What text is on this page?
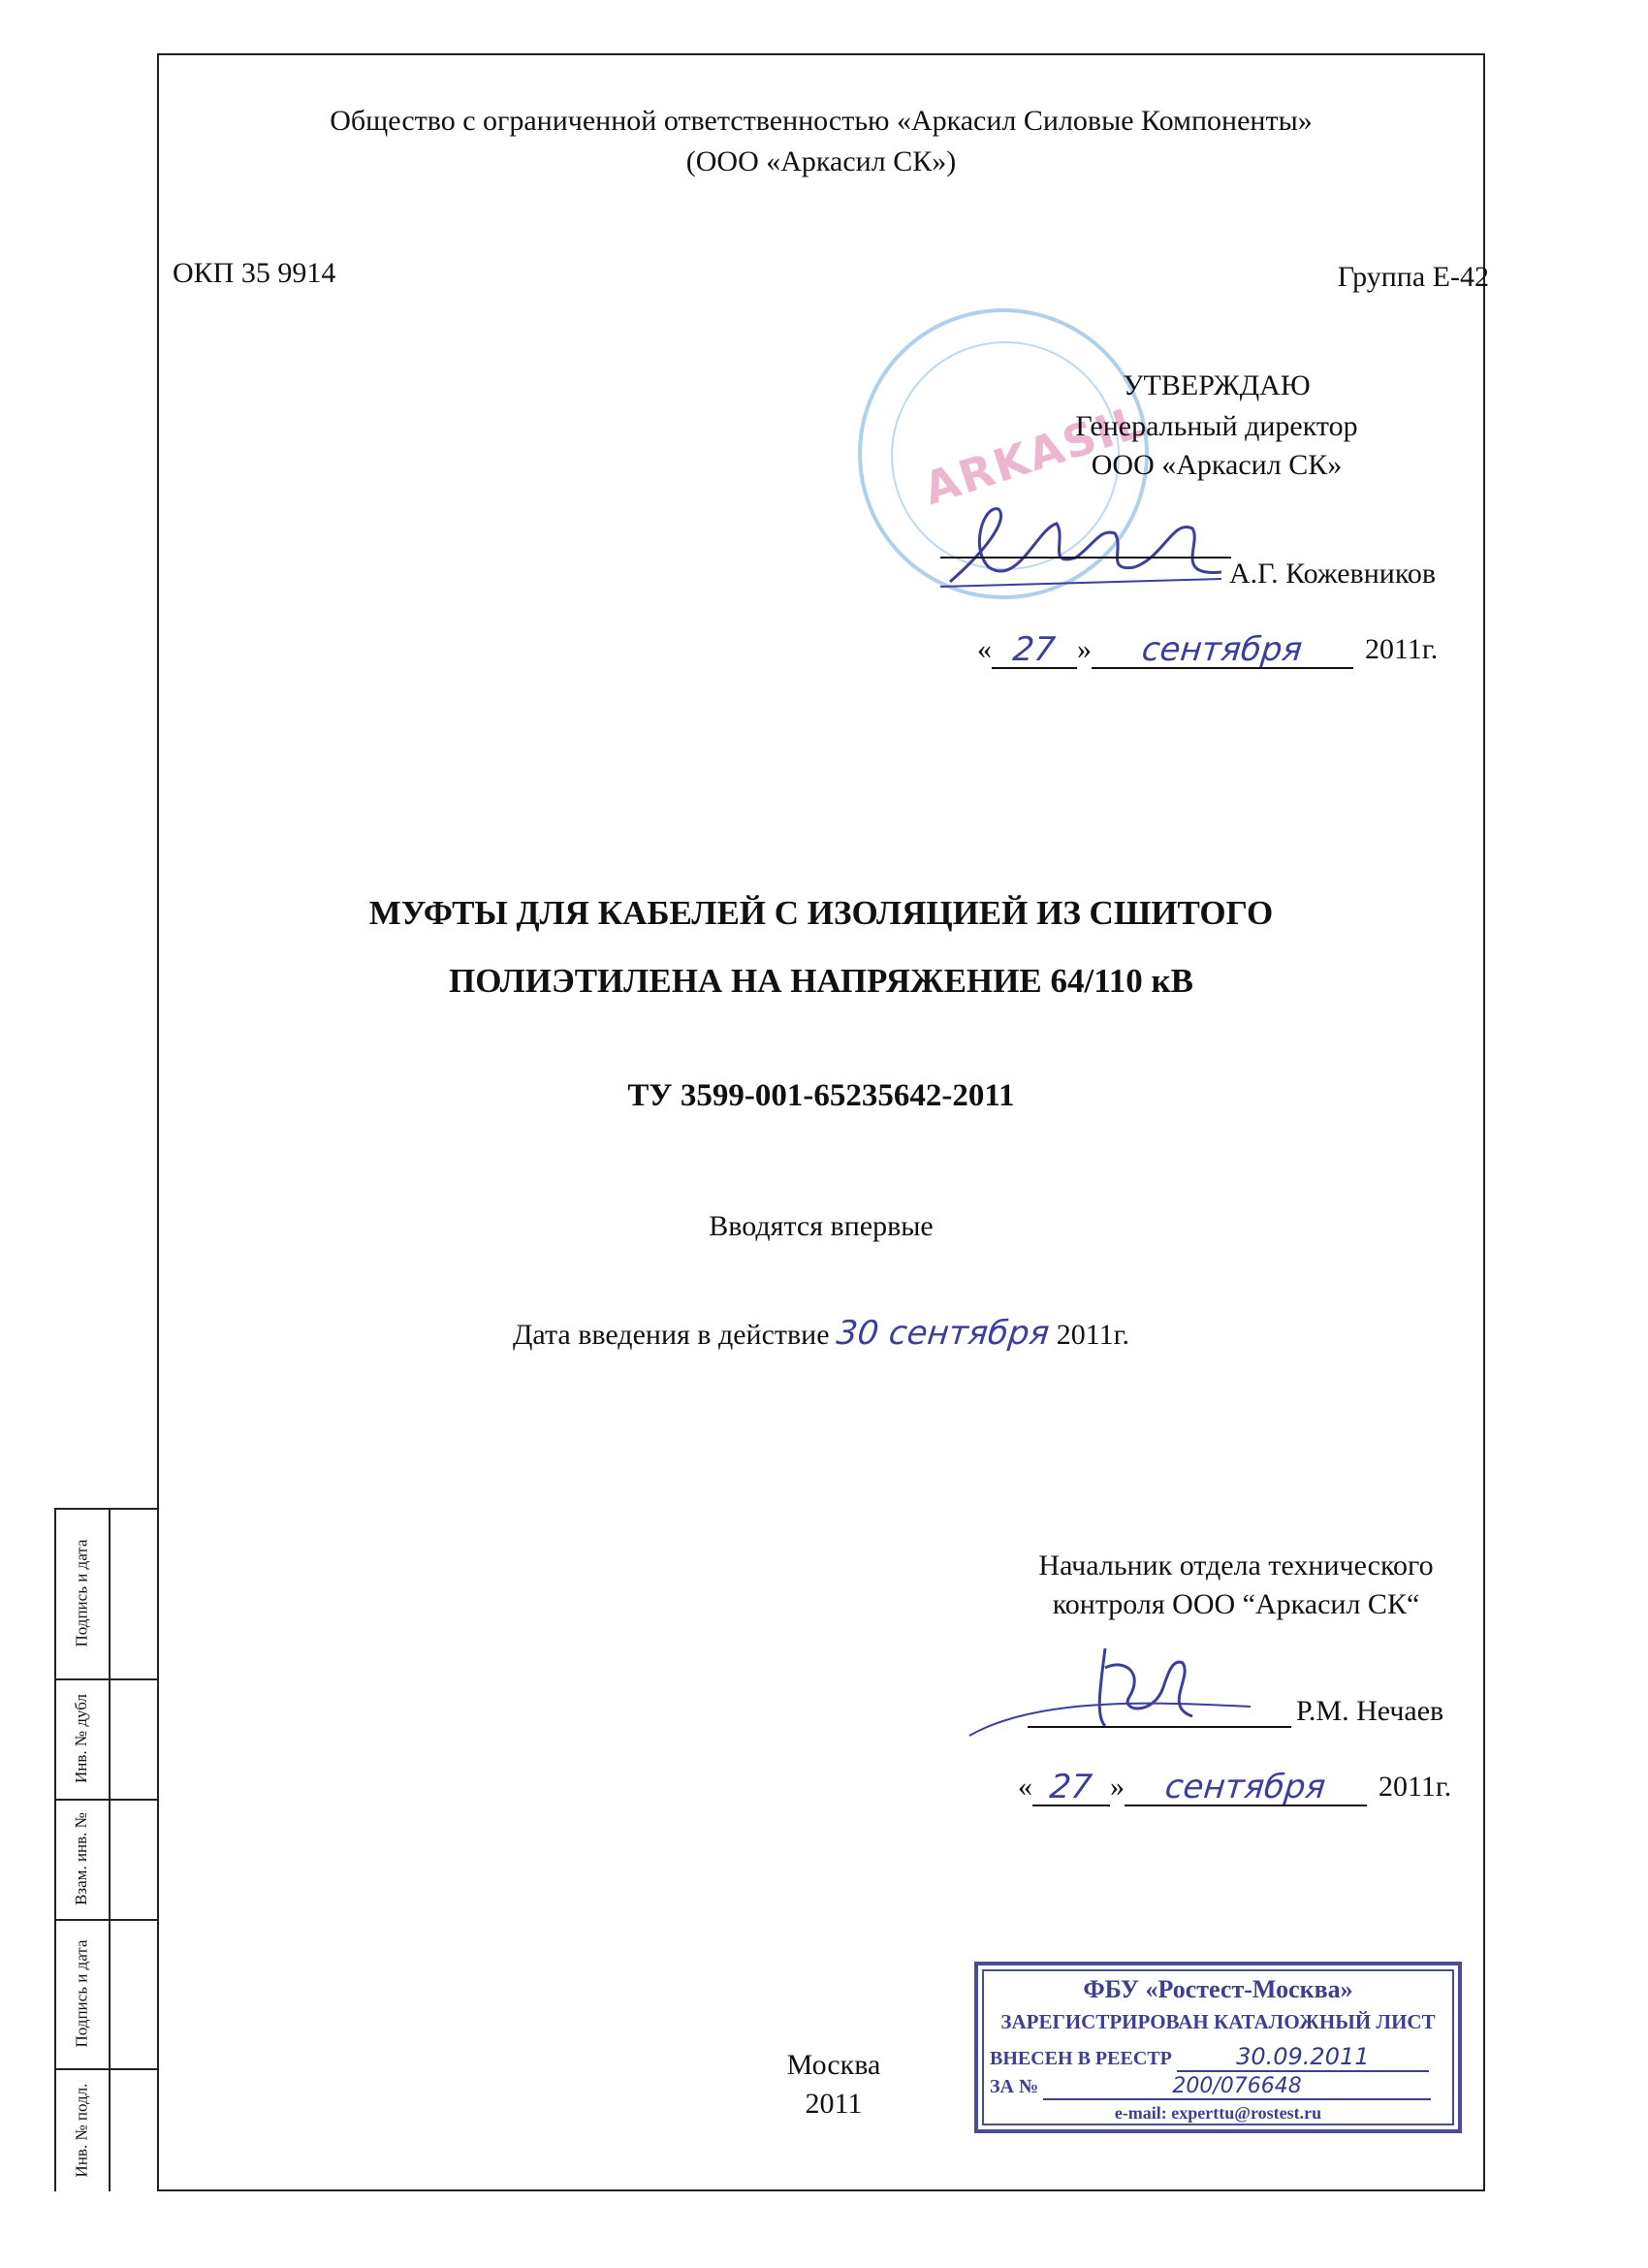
Подпись и дата
Инв. № дубл
Взам. инв. №
Подпись и дата
Инв. № подл.
Общество с ограниченной ответственностью «Аркасил Силовые Компоненты»
(ООО «Аркасил СК»)
ОКП 35 9914	Группа Е-42
АRKASIL
УТВЕРЖДАЮ
Генеральный директор
ООО «Аркасил СК»
А.Г. Кожевников
« 27 » сентября 2011г.
МУФТЫ ДЛЯ КАБЕЛЕЙ С ИЗОЛЯЦИЕЙ ИЗ СШИТОГО
ПОЛИЭТИЛЕНА НА НАПРЯЖЕНИЕ 64/110 кВ
ТУ 3599-001-65235642-2011
Вводятся впервые
Дата введения в действие 30 сентября 2011г.
Начальник отдела технического
контроля ООО “Аркасил СК“
Р.М. Нечаев
« 27 » сентября 2011г.
Москва
2011
ФБУ «Ростест-Москва»
ЗАРЕГИСТРИРОВАН КАТАЛОЖНЫЙ ЛИСТ
ВНЕСЕН В РЕЕСТР	30.09.2011
ЗА №	200/076648
e-mail: experttu@rostest.ru
